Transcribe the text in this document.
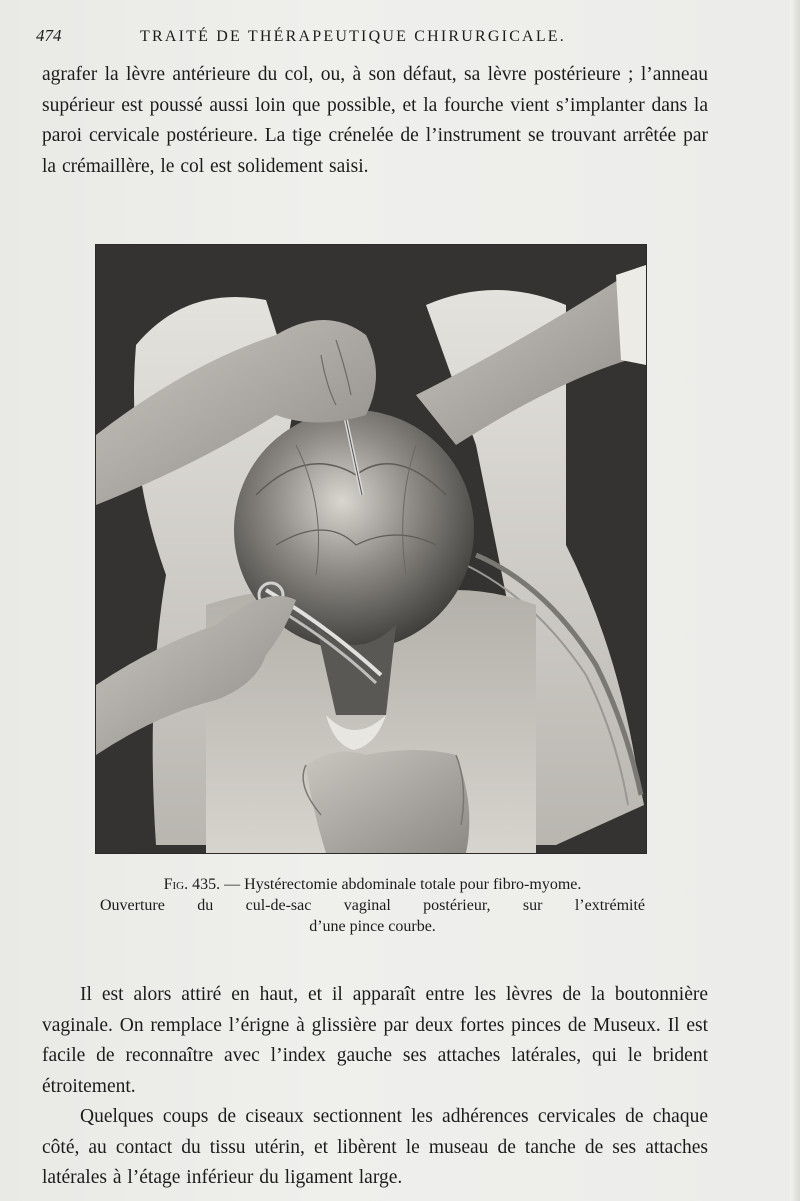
474	TRAITÉ DE THÉRAPEUTIQUE CHIRURGICALE.

agrafer la lèvre antérieure du col, ou, à son défaut, sa lèvre postérieure ; l’anneau supérieur est poussé aussi loin que possible, et la fourche vient s’implanter dans la paroi cervicale postérieure. La tige crénelée de l’instrument se trouvant arrêtée par la crémaillère, le col est solidement saisi.

Fig. 435. — Hystérectomie abdominale totale pour fibro-myome.

Ouverture du cul-de-sac vaginal postérieur, sur l’extrémité

d’une pince courbe.

Il est alors attiré en haut, et il apparaît entre les lèvres de la boutonnière vaginale. On remplace l’érigne à glissière par deux fortes pinces de Museux. Il est facile de reconnaître avec l’index gauche ses attaches latérales, qui le brident étroitement.

Quelques coups de ciseaux sectionnent les adhérences cervicales de chaque côté, au contact du tissu utérin, et libèrent le museau de tanche de ses attaches latérales à l’étage inférieur du ligament large.
